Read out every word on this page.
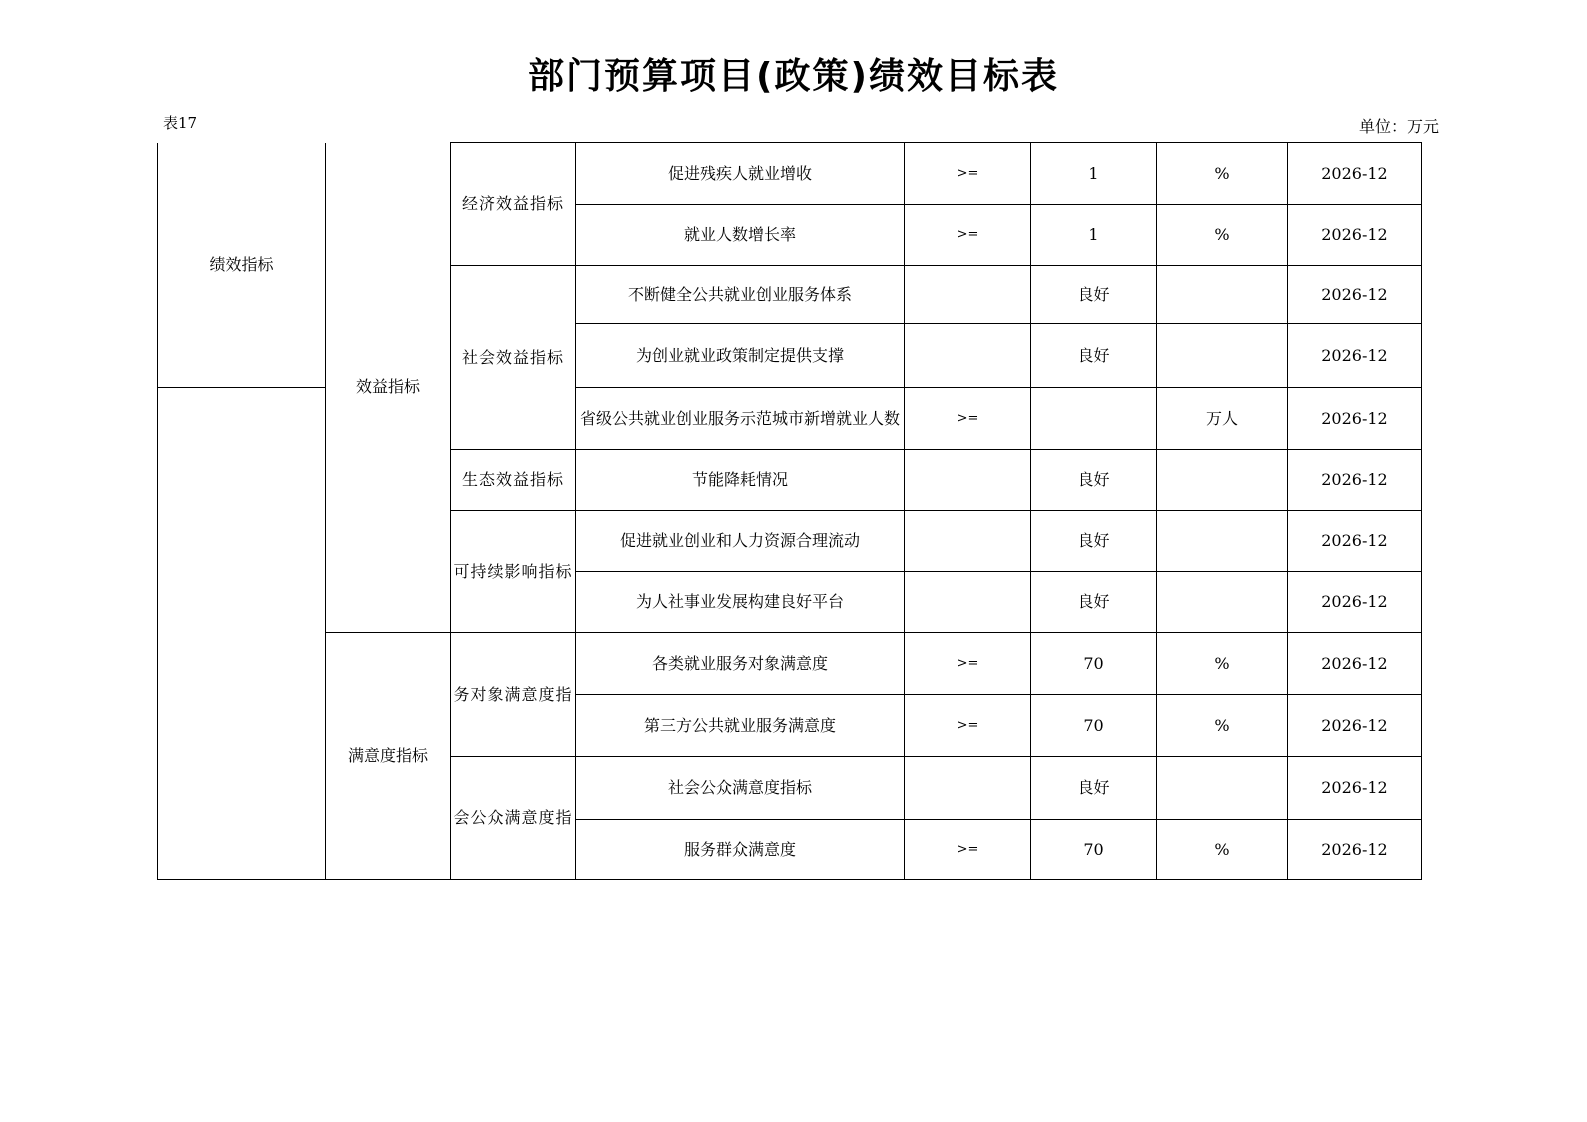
部门预算项目(政策)绩效目标表
表17	单位：万元
绩效指标	效益指标	经济效益指标	促进残疾人就业增收	>=	1	%	2026-12
			就业人数增长率	>=	1	%	2026-12
		社会效益指标	不断健全公共就业创业服务体系		良好		2026-12
			为创业就业政策制定提供支撑		良好		2026-12
			省级公共就业创业服务示范城市新增就业人数	>=		万人	2026-12
		生态效益指标	节能降耗情况		良好		2026-12
		可持续影响指标	促进就业创业和人力资源合理流动		良好		2026-12
			为人社事业发展构建良好平台		良好		2026-12
	满意度指标	务对象满意度指	各类就业服务对象满意度	>=	70	%	2026-12
			第三方公共就业服务满意度	>=	70	%	2026-12
		会公众满意度指	社会公众满意度指标		良好		2026-12
			服务群众满意度	>=	70	%	2026-12
